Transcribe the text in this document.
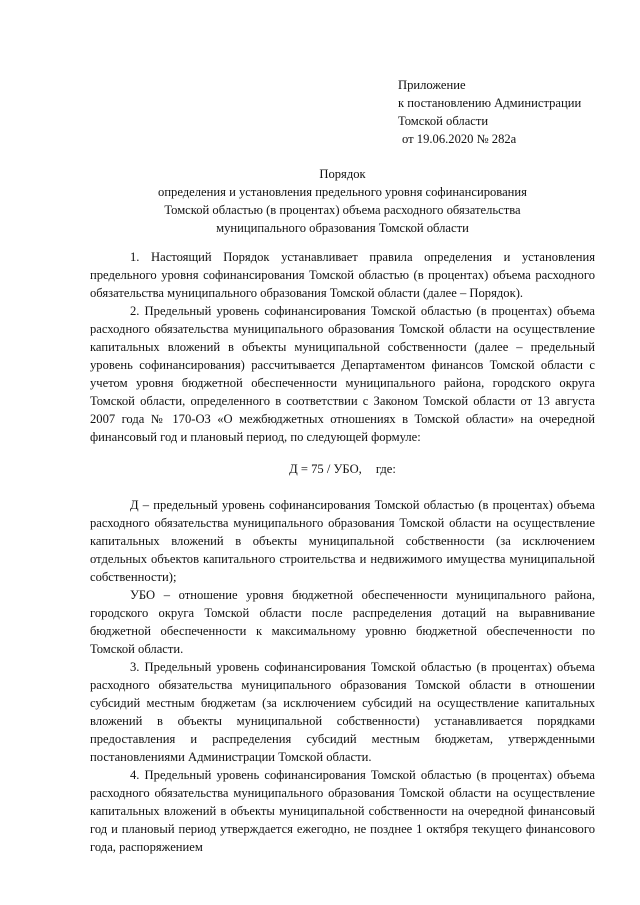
Приложение
к постановлению Администрации
Томской области
от 19.06.2020 № 282а
Порядок
определения и установления предельного уровня софинансирования
Томской областью (в процентах) объема расходного обязательства
муниципального образования Томской области

1. Настоящий Порядок устанавливает правила определения и установления предельного уровня софинансирования Томской областью (в процентах) объема расходного обязательства муниципального образования Томской области (далее – Порядок).

2. Предельный уровень софинансирования Томской областью (в процентах) объема расходного обязательства муниципального образования Томской области на осуществление капитальных вложений в объекты муниципальной собственности (далее – предельный уровень софинансирования) рассчитывается Департаментом финансов Томской области с учетом уровня бюджетной обеспеченности муниципального района, городского округа Томской области, определенного в соответствии с Законом Томской области от 13 августа 2007 года № 170-ОЗ «О межбюджетных отношениях в Томской области» на очередной финансовый год и плановый период, по следующей формуле:

Д = 75 / УБО, где:

Д – предельный уровень софинансирования Томской областью (в процентах) объема расходного обязательства муниципального образования Томской области на осуществление капитальных вложений в объекты муниципальной собственности (за исключением отдельных объектов капитального строительства и недвижимого имущества муниципальной собственности);

УБО – отношение уровня бюджетной обеспеченности муниципального района, городского округа Томской области после распределения дотаций на выравнивание бюджетной обеспеченности к максимальному уровню бюджетной обеспеченности по Томской области.

3. Предельный уровень софинансирования Томской областью (в процентах) объема расходного обязательства муниципального образования Томской области в отношении субсидий местным бюджетам (за исключением субсидий на осуществление капитальных вложений в объекты муниципальной собственности) устанавливается порядками предоставления и распределения субсидий местным бюджетам, утвержденными постановлениями Администрации Томской области.

4. Предельный уровень софинансирования Томской областью (в процентах) объема расходного обязательства муниципального образования Томской области на осуществление капитальных вложений в объекты муниципальной собственности на очередной финансовый год и плановый период утверждается ежегодно, не позднее 1 октября текущего финансового года, распоряжением
